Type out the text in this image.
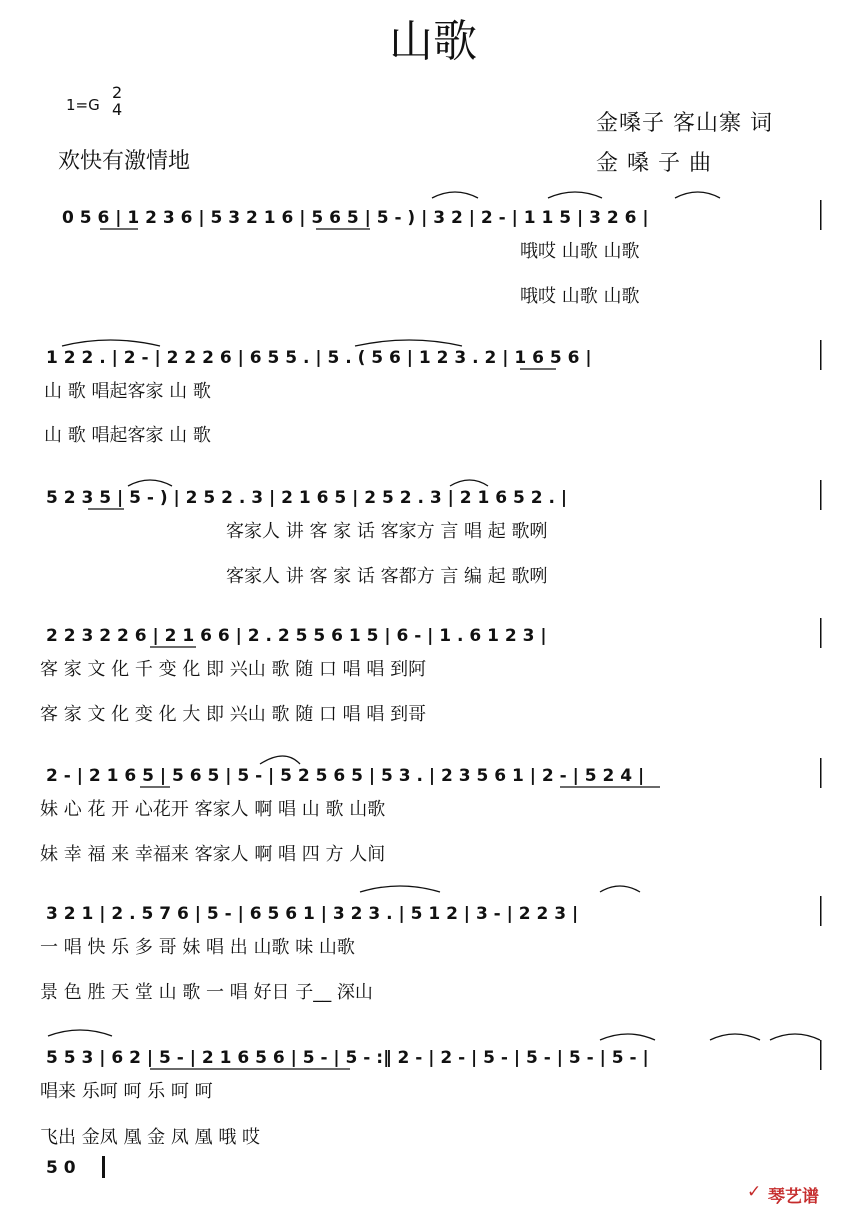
山歌
1=G
2
4
欢快有激情地
金嗓子 客山寨 词
金 嗓 子 曲
0 5 6 | 1 2 3 6 | 5 3 2 1 6 | 5 6 5 | 5 - ) | 3 2 | 2 - | 1 1 5 | 3 2 6 |
哦哎 山歌 山歌
哦哎 山歌 山歌
1 2 2 . | 2 - | 2 2 2 6 | 6 5 5 . | 5 . ( 5 6 | 1 2 3 . 2 | 1 6 5 6 |
山 歌 唱起客家 山 歌
山 歌 唱起客家 山 歌
5 2 3 5 | 5 - ) | 2 5 2 . 3 | 2 1 6 5 | 2 5 2 . 3 | 2 1 6 5 2 . |
客家人 讲 客 家 话 客家方 言 唱 起 歌咧
客家人 讲 客 家 话 客都方 言 编 起 歌咧
2 2 3 2 2 6 | 2 1 6 6 | 2 . 2 5 5 6 1 5 | 6 - | 1 . 6 1 2 3 |
客 家 文 化 千 变 化 即 兴山 歌 随 口 唱 唱 到阿
客 家 文 化 变 化 大 即 兴山 歌 随 口 唱 唱 到哥
2 - | 2 1 6 5 | 5 6 5 | 5 - | 5 2 5 6 5 | 5 3 . | 2 3 5 6 1 | 2 - | 5 2 4 |
妹 心 花 开 心花开 客家人 啊 唱 山 歌 山歌
妹 幸 福 来 幸福来 客家人 啊 唱 四 方 人间
3 2 1 | 2 . 5 7 6 | 5 - | 6 5 6 1 | 3 2 3 . | 5 1 2 | 3 - | 2 2 3 |
一 唱 快 乐 多 哥 妹 唱 出 山歌 味 山歌
景 色 胜 天 堂 山 歌 一 唱 好日 子__ 深山
5 5 3 | 6 2 | 5 - | 2 1 6 5 6 | 5 - | 5 - :‖ 2 - | 2 - | 5 - | 5 - | 5 - | 5 - |
唱来 乐呵 呵 乐 呵 呵
飞出 金凤 凰 金 凤 凰 哦 哎
5 0
✓ 琴艺谱
